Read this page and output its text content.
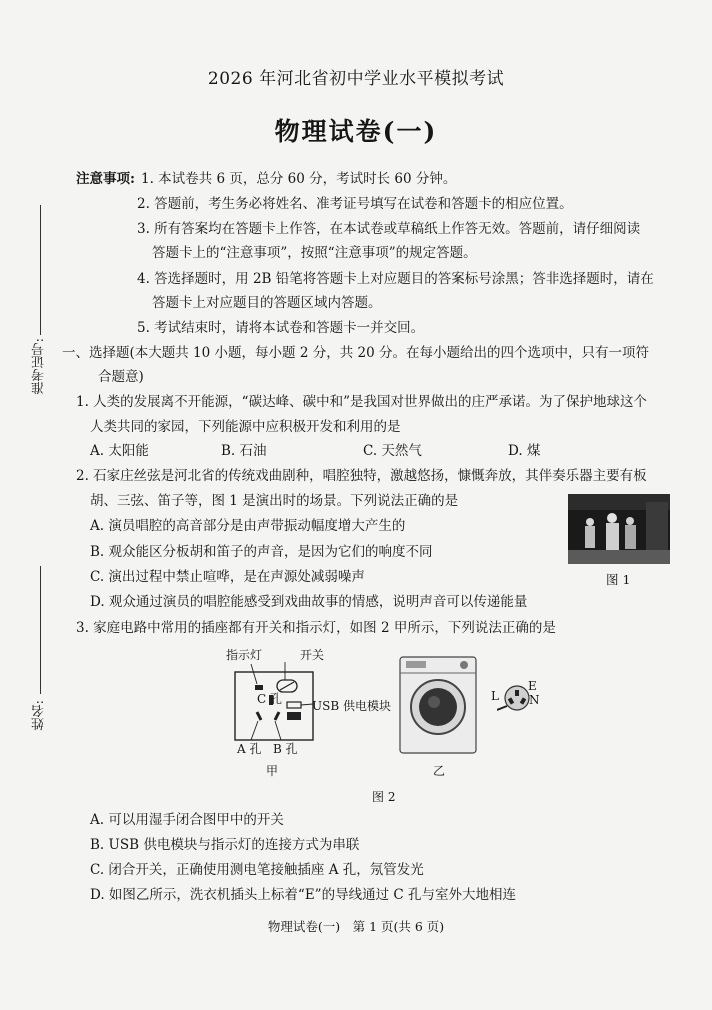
2026 年河北省初中学业水平模拟考试
物理试卷(一)
准考证号:
姓名:
注意事项: 1. 本试卷共 6 页，总分 60 分，考试时长 60 分钟。
2. 答题前，考生务必将姓名、准考证号填写在试卷和答题卡的相应位置。
3. 所有答案均在答题卡上作答，在本试卷或草稿纸上作答无效。答题前，请仔细阅读
答题卡上的“注意事项”，按照“注意事项”的规定答题。
4. 答选择题时，用 2B 铅笔将答题卡上对应题目的答案标号涂黑；答非选择题时，请在
答题卡上对应题目的答题区域内答题。
5. 考试结束时，请将本试卷和答题卡一并交回。
一、选择题(本大题共 10 小题，每小题 2 分，共 20 分。在每小题给出的四个选项中，只有一项符
合题意)
1. 人类的发展离不开能源，“碳达峰、碳中和”是我国对世界做出的庄严承诺。为了保护地球这个
人类共同的家园，下列能源中应积极开发和利用的是
A. 太阳能	B. 石油	C. 天然气	D. 煤
2. 石家庄丝弦是河北省的传统戏曲剧种，唱腔独特，激越悠扬，慷慨奔放，其伴奏乐器主要有板
胡、三弦、笛子等，图 1 是演出时的场景。下列说法正确的是
A. 演员唱腔的高音部分是由声带振动幅度增大产生的
B. 观众能区分板胡和笛子的声音，是因为它们的响度不同
C. 演出过程中禁止喧哗，是在声源处减弱噪声
D. 观众通过演员的唱腔能感受到戏曲故事的情感，说明声音可以传递能量
图 1
3. 家庭电路中常用的插座都有开关和指示灯，如图 2 甲所示，下列说法正确的是
指示灯	开关
C 孔	USB 供电模块
A 孔 B 孔
甲
L
E
N
乙
图 2
A. 可以用湿手闭合图甲中的开关
B. USB 供电模块与指示灯的连接方式为串联
C. 闭合开关，正确使用测电笔接触插座 A 孔，氖管发光
D. 如图乙所示，洗衣机插头上标着“E”的导线通过 C 孔与室外大地相连
物理试卷(一)　第 1 页(共 6 页)
